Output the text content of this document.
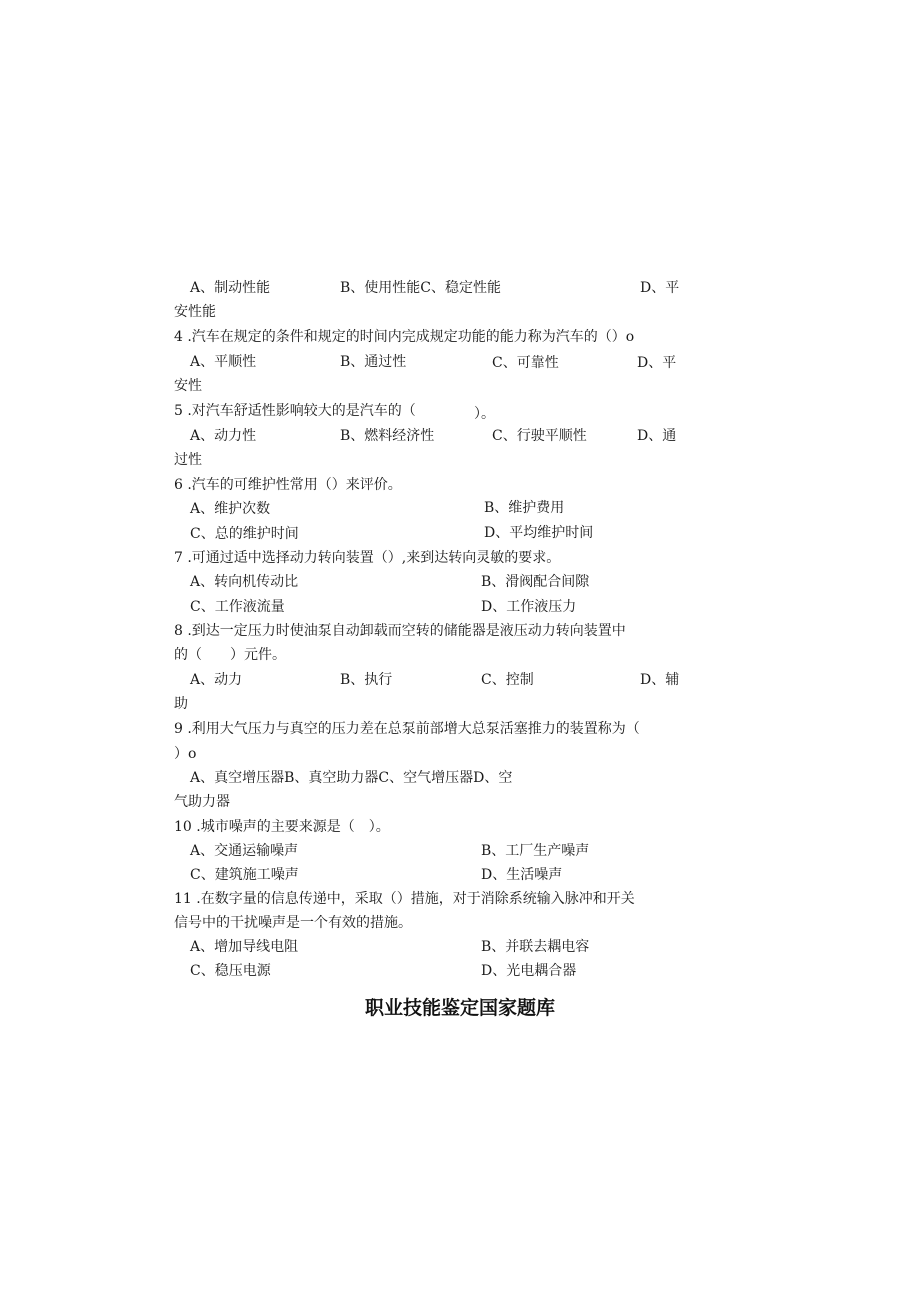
A、制动性能	B、使用性能C、稳定性能	D、平
安性能
4 .汽车在规定的条件和规定的时间内完成规定功能的能力称为汽车的（）o
A、平顺性	B、通过性	C、可靠性	D、平
安性
5 .对汽车舒适性影响较大的是汽车的（	）。
A、动力性	B、燃料经济性	C、行驶平顺性	D、通
过性
6 .汽车的可维护性常用（）来评价。
A、维护次数	B、维护费用
C、总的维护时间	D、平均维护时间
7 .可通过适中选择动力转向装置（）,来到达转向灵敏的要求。
A、转向机传动比	B、滑阀配合间隙
C、工作液流量	D、工作液压力
8 .到达一定压力时使油泵自动卸载而空转的储能器是液压动力转向装置中
的（　　）元件。
A、动力	B、执行	C、控制	D、辅
助
9 .利用大气压力与真空的压力差在总泵前部增大总泵活塞推力的装置称为（
）o
A、真空增压器B、真空助力器C、空气增压器D、空
气助力器
10 .城市噪声的主要来源是（　）。
A、交通运输噪声	B、工厂生产噪声
C、建筑施工噪声	D、生活噪声
11 .在数字量的信息传递中，采取（）措施，对于消除系统输入脉冲和开关
信号中的干扰噪声是一个有效的措施。
A、增加导线电阻	B、并联去耦电容
C、稳压电源	D、光电耦合器
职业技能鉴定国家题库
